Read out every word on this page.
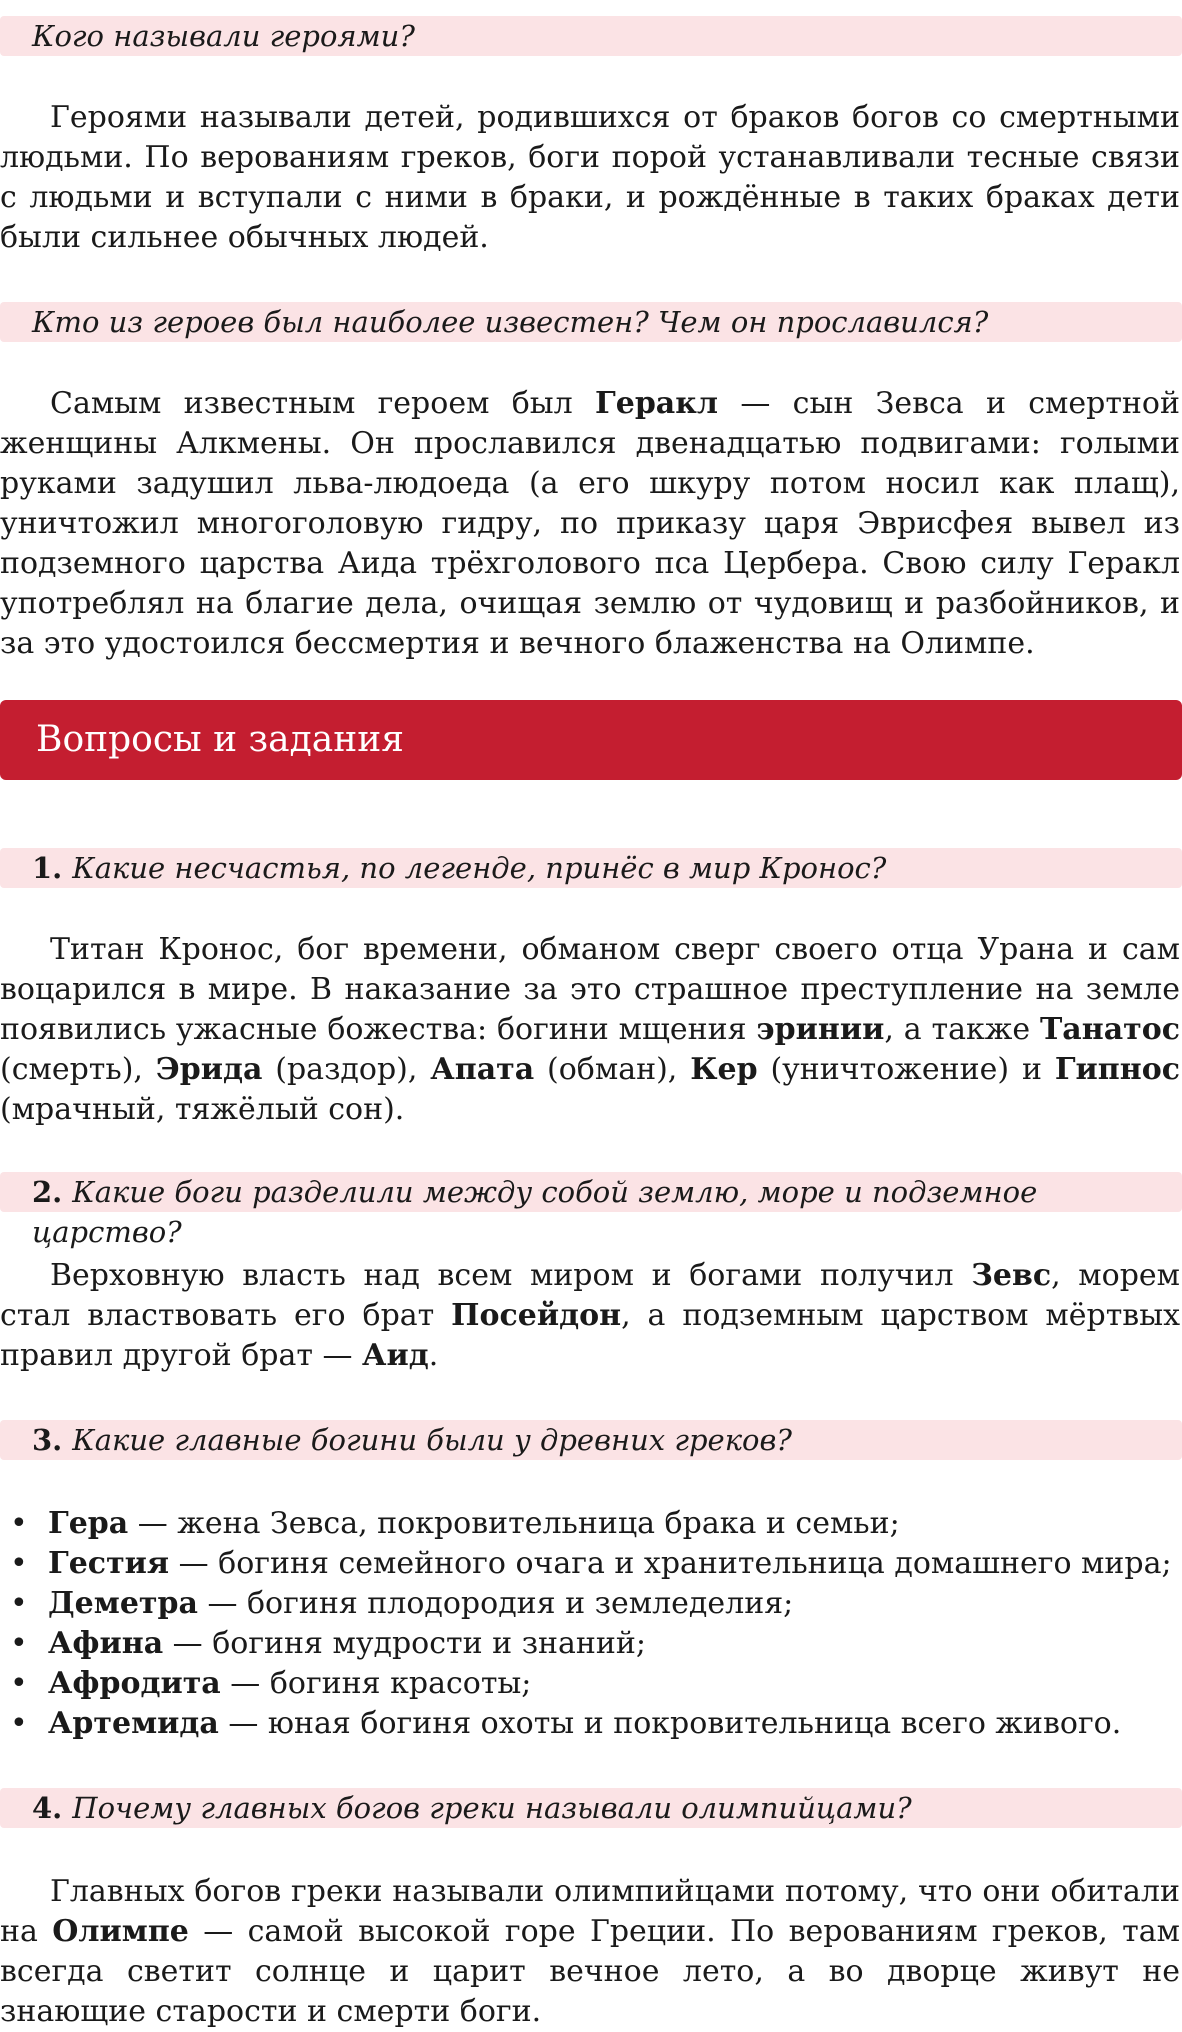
Кого называли героями?
Героями называли детей, родившихся от браков богов со смертными людьми. По верованиям греков, боги порой устанавливали тесные связи с людьми и вступали с ними в браки, и рождённые в таких браках дети были сильнее обычных людей.
Кто из героев был наиболее известен? Чем он прославился?
Самым известным героем был Геракл — сын Зевса и смертной женщины Алкмены. Он прославился двенадцатью подвигами: голыми руками задушил льва-людоеда (а его шкуру потом носил как плащ), уничтожил многоголовую гидру, по приказу царя Эврисфея вывел из подземного царства Аида трёхголового пса Цербера. Свою силу Геракл употреблял на благие дела, очищая землю от чудовищ и разбойников, и за это удостоился бессмертия и вечного блаженства на Олимпе.
Вопросы и задания
1. Какие несчастья, по легенде, принёс в мир Кронос?
Титан Кронос, бог времени, обманом сверг своего отца Урана и сам воцарился в мире. В наказание за это страшное преступление на земле появились ужасные божества: богини мщения эринии, а также Танатос (смерть), Эрида (раздор), Апата (обман), Кер (уничтожение) и Гипнос (мрачный, тяжёлый сон).
2. Какие боги разделили между собой землю, море и подземное царство?
Верховную власть над всем миром и богами получил Зевс, морем стал властвовать его брат Посейдон, а подземным царством мёртвых правил другой брат — Аид.
3. Какие главные богини были у древних греков?
• Гера — жена Зевса, покровительница брака и семьи;
• Гестия — богиня семейного очага и хранительница домашнего мира;
• Деметра — богиня плодородия и земледелия;
• Афина — богиня мудрости и знаний;
• Афродита — богиня красоты;
• Артемида — юная богиня охоты и покровительница всего живого.
4. Почему главных богов греки называли олимпийцами?
Главных богов греки называли олимпийцами потому, что они обитали на Олимпе — самой высокой горе Греции. По верованиям греков, там всегда светит солнце и царит вечное лето, а во дворце живут не знающие старости и смерти боги.
